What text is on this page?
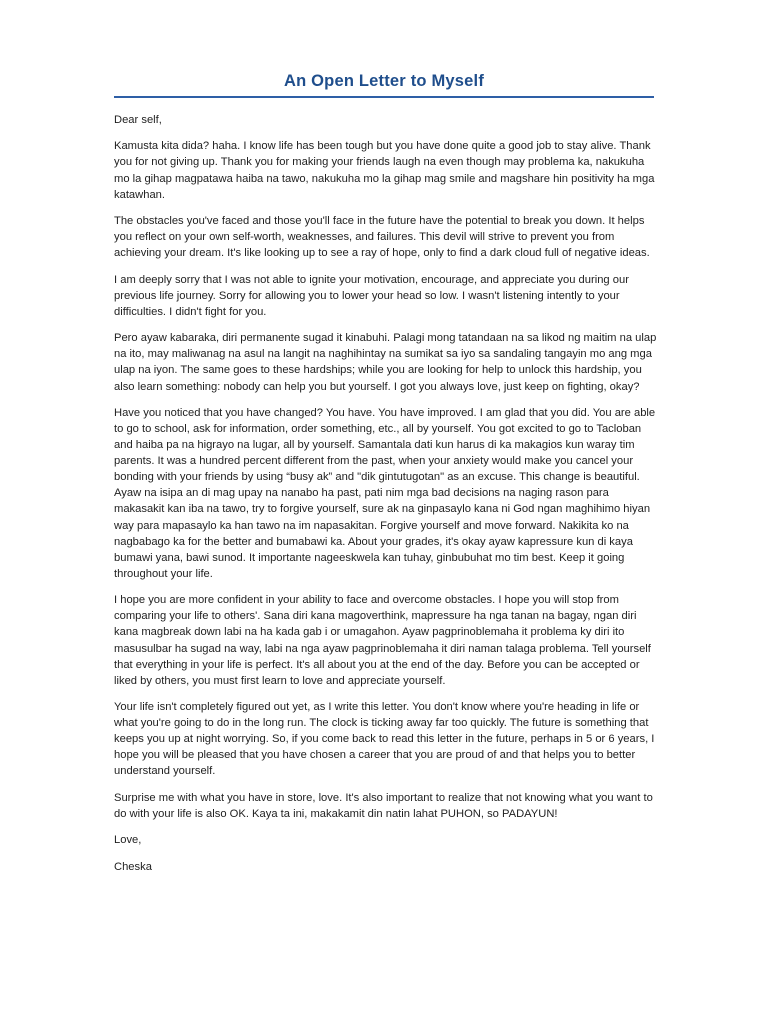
An Open Letter to Myself

Dear self,

Kamusta kita dida? haha. I know life has been tough but you have done quite a good job to stay alive. Thank you for not giving up. Thank you for making your friends laugh na even though may problema ka, nakukuha mo la gihap magpatawa haiba na tawo, nakukuha mo la gihap mag smile and magshare hin positivity ha mga katawhan.

The obstacles you've faced and those you'll face in the future have the potential to break you down. It helps you reflect on your own self-worth, weaknesses, and failures. This devil will strive to prevent you from achieving your dream. It's like looking up to see a ray of hope, only to find a dark cloud full of negative ideas.

I am deeply sorry that I was not able to ignite your motivation, encourage, and appreciate you during our previous life journey. Sorry for allowing you to lower your head so low. I wasn't listening intently to your difficulties. I didn't fight for you.

Pero ayaw kabaraka, diri permanente sugad it kinabuhi. Palagi mong tatandaan na sa likod ng maitim na ulap na ito, may maliwanag na asul na langit na naghihintay na sumikat sa iyo sa sandaling tangayin mo ang mga ulap na iyon. The same goes to these hardships; while you are looking for help to unlock this hardship, you also learn something: nobody can help you but yourself. I got you always love, just keep on fighting, okay?

Have you noticed that you have changed? You have. You have improved. I am glad that you did. You are able to go to school, ask for information, order something, etc., all by yourself. You got excited to go to Tacloban and haiba pa na higrayo na lugar, all by yourself. Samantala dati kun harus di ka makagios kun waray tim parents. It was a hundred percent different from the past, when your anxiety would make you cancel your bonding with your friends by using “busy ak” and "dik gintutugotan" as an excuse. This change is beautiful. Ayaw na isipa an di mag upay na nanabo ha past, pati nim mga bad decisions na naging rason para makasakit kan iba na tawo, try to forgive yourself, sure ak na ginpasaylo kana ni God ngan maghihimo hiyan way para mapasaylo ka han tawo na im napasakitan. Forgive yourself and move forward. Nakikita ko na nagbabago ka for the better and bumabawi ka. About your grades, it's okay ayaw kapressure kun di kaya bumawi yana, bawi sunod. It importante nageeskwela kan tuhay, ginbubuhat mo tim best. Keep it going throughout your life.

I hope you are more confident in your ability to face and overcome obstacles. I hope you will stop from comparing your life to others'. Sana diri kana magoverthink, mapressure ha nga tanan na bagay, ngan diri kana magbreak down labi na ha kada gab i or umagahon. Ayaw pagprinoblemaha it problema ky diri ito masusulbar ha sugad na way, labi na nga ayaw pagprinoblemaha it diri naman talaga problema. Tell yourself that everything in your life is perfect. It's all about you at the end of the day. Before you can be accepted or liked by others, you must first learn to love and appreciate yourself.

Your life isn't completely figured out yet, as I write this letter. You don't know where you're heading in life or what you're going to do in the long run. The clock is ticking away far too quickly. The future is something that keeps you up at night worrying. So, if you come back to read this letter in the future, perhaps in 5 or 6 years, I hope you will be pleased that you have chosen a career that you are proud of and that helps you to better understand yourself.

Surprise me with what you have in store, love. It's also important to realize that not knowing what you want to do with your life is also OK. Kaya ta ini, makakamit din natin lahat PUHON, so PADAYUN!

Love,

Cheska
